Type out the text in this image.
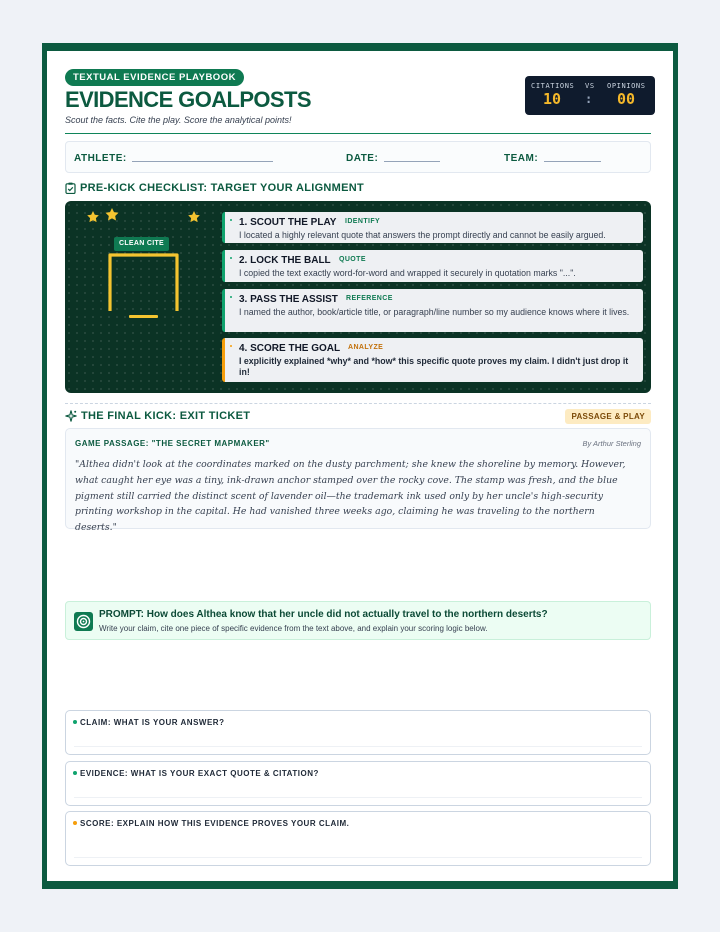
TEXTUAL EVIDENCE PLAYBOOK
EVIDENCE GOALPOSTS
Scout the facts. Cite the play. Score the analytical points!
CITATIONS VS OPINIONS
10 : 00
ATHLETE:	DATE:	TEAM:
PRE-KICK CHECKLIST: TARGET YOUR ALIGNMENT
CLEAN CITE
1. SCOUT THE PLAY IDENTIFY
I located a highly relevant quote that answers the prompt directly and cannot be easily argued.
2. LOCK THE BALL QUOTE
I copied the text exactly word-for-word and wrapped it securely in quotation marks "...".
3. PASS THE ASSIST REFERENCE
I named the author, book/article title, or paragraph/line number so my audience knows where it lives.
4. SCORE THE GOAL ANALYZE
I explicitly explained *why* and *how* this specific quote proves my claim. I didn't just drop it in!
THE FINAL KICK: EXIT TICKET	PASSAGE & PLAY
GAME PASSAGE: "THE SECRET MAPMAKER"	By Arthur Sterling

"Althea didn't look at the coordinates marked on the dusty parchment; she knew the shoreline by memory. However, what caught her eye was a tiny, ink-drawn anchor stamped over the rocky cove. The stamp was fresh, and the blue pigment still carried the distinct scent of lavender oil—the trademark ink used only by her uncle's high-security printing workshop in the capital. He had vanished three weeks ago, claiming he was traveling to the northern deserts."

PROMPT: How does Althea know that her uncle did not actually travel to the northern deserts?
Write your claim, cite one piece of specific evidence from the text above, and explain your scoring logic below.
CLAIM: WHAT IS YOUR ANSWER?
EVIDENCE: WHAT IS YOUR EXACT QUOTE & CITATION?
SCORE: EXPLAIN HOW THIS EVIDENCE PROVES YOUR CLAIM.
